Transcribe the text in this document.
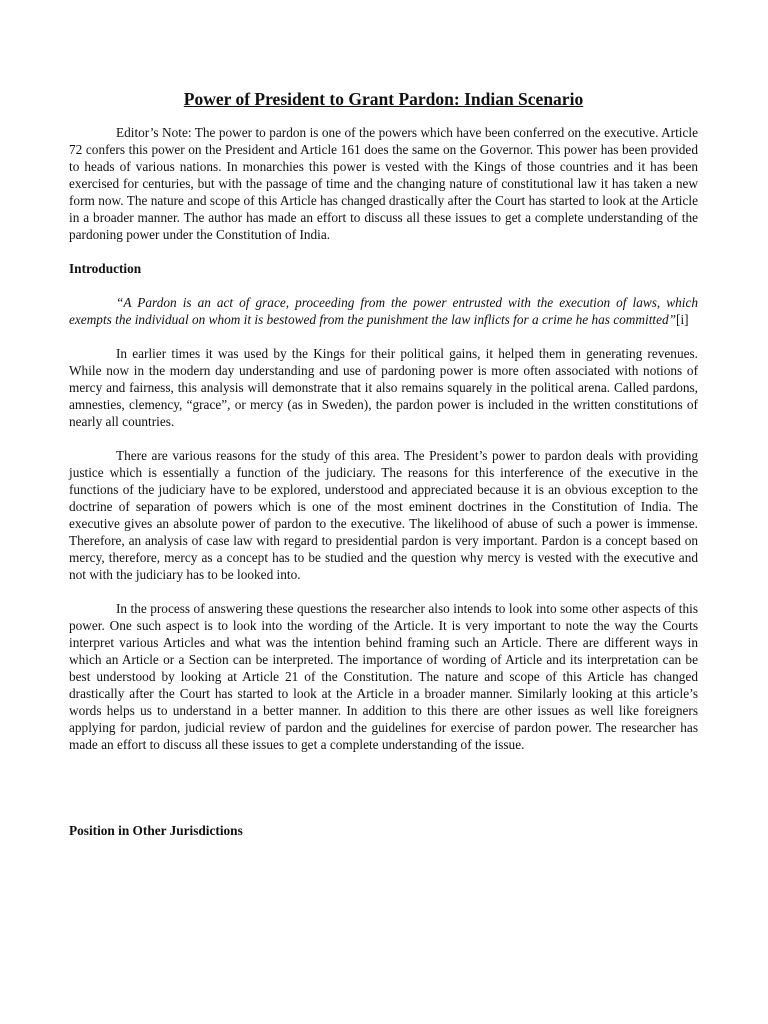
Power of President to Grant Pardon: Indian Scenario

Editor’s Note: The power to pardon is one of the powers which have been conferred on the executive. Article 72 confers this power on the President and Article 161 does the same on the Governor. This power has been provided to heads of various nations. In monarchies this power is vested with the Kings of those countries and it has been exercised for centuries, but with the passage of time and the changing nature of constitutional law it has taken a new form now. The nature and scope of this Article has changed drastically after the Court has started to look at the Article in a broader manner. The author has made an effort to discuss all these issues to get a complete understanding of the pardoning power under the Constitution of India.

Introduction

“A Pardon is an act of grace, proceeding from the power entrusted with the execution of laws, which exempts the individual on whom it is bestowed from the punishment the law inflicts for a crime he has committed”[i]

In earlier times it was used by the Kings for their political gains, it helped them in generating revenues. While now in the modern day understanding and use of pardoning power is more often associated with notions of mercy and fairness, this analysis will demonstrate that it also remains squarely in the political arena. Called pardons, amnesties, clemency, “grace”, or mercy (as in Sweden), the pardon power is included in the written constitutions of nearly all countries.

There are various reasons for the study of this area. The President’s power to pardon deals with providing justice which is essentially a function of the judiciary. The reasons for this interference of the executive in the functions of the judiciary have to be explored, understood and appreciated because it is an obvious exception to the doctrine of separation of powers which is one of the most eminent doctrines in the Constitution of India. The executive gives an absolute power of pardon to the executive. The likelihood of abuse of such a power is immense. Therefore, an analysis of case law with regard to presidential pardon is very important. Pardon is a concept based on mercy, therefore, mercy as a concept has to be studied and the question why mercy is vested with the executive and not with the judiciary has to be looked into.

In the process of answering these questions the researcher also intends to look into some other aspects of this power. One such aspect is to look into the wording of the Article. It is very important to note the way the Courts interpret various Articles and what was the intention behind framing such an Article. There are different ways in which an Article or a Section can be interpreted. The importance of wording of Article and its interpretation can be best understood by looking at Article 21 of the Constitution. The nature and scope of this Article has changed drastically after the Court has started to look at the Article in a broader manner. Similarly looking at this article’s words helps us to understand in a better manner. In addition to this there are other issues as well like foreigners applying for pardon, judicial review of pardon and the guidelines for exercise of pardon power. The researcher has made an effort to discuss all these issues to get a complete understanding of the issue.

Position in Other Jurisdictions
